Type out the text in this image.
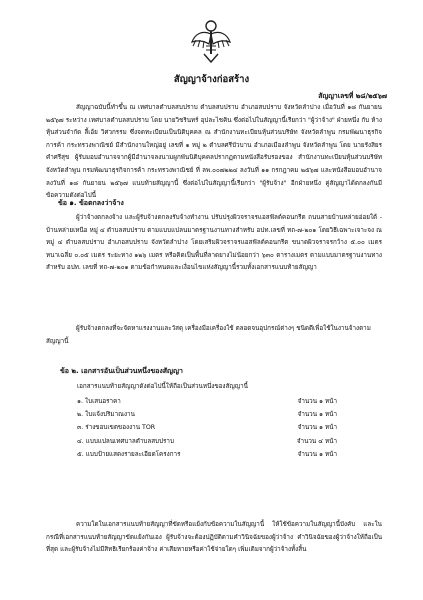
สัญญาจ้างก่อสร้าง
สัญญาเลขที่ ๒๘/๒๕๖๗
สัญญาฉบับนี้ทำขึ้น ณ เทศบาลตำบลสบปราบ ตำบลสบปราบ อำเภอสบปราบ จังหวัดลำปาง เมื่อวันที่ ๑๘ กันยายน ๒๕๖๗ ระหว่าง เทศบาลตำบลสบปราบ โดย นายวิชรินทร์ อุปละไชคิน ซึ่งต่อไปในสัญญานี้เรียกว่า "ผู้ว่าจ้าง" ฝ่ายหนึ่ง กับ ห้างหุ้นส่วนจำกัด ลี้เอ้ย วิศวกรรม ซึ่งจดทะเบียนเป็นนิติบุคคล ณ สำนักงานทะเบียนหุ้นส่วนบริษัท จังหวัดลำพูน กรมพัฒนาธุรกิจการค้า กระทรวงพาณิชย์ มีสำนักงานใหญ่อยู่ เลขที่ ๑ หมู่ ๒ ตำบลศรีบัวบาน อำเภอเมืองลำพูน จังหวัดลำพูน โดย นายรังสิยร คำศรีสุข ผู้รับมอบอำนาจจากผู้มีอำนาจลงนามผูกพันนิติบุคคลปรากฏตามหนังสือรับรองของ สำนักงานทะเบียนหุ้นส่วนบริษัท จังหวัดลำพูน กรมพัฒนาธุรกิจการค้า กระทรวงพาณิชย์ ที่ ลพ.๐๐๗๒๒๔ ลงวันที่ ๑๑ กรกฎาคม ๒๕๖๗ และหนังสือมอบอำนาจลงวันที่ ๑๘ กันยายน ๒๕๖๗ แนบท้ายสัญญานี้ ซึ่งต่อไปในสัญญานี้เรียกว่า "ผู้รับจ้าง" อีกฝ่ายหนึ่ง คู่สัญญาได้ตกลงกันมีข้อความดังต่อไปนี้
ข้อ ๑. ข้อตกลงว่าจ้าง
ผู้ว่าจ้างตกลงจ้าง และผู้รับจ้างตกลงรับจ้างทำงาน ปรับปรุงผิวจราจรแอสฟัลต์คอนกรีต ถนนสายบ้านหล่ายอ่อยใต้ - บ้านหล่ายเหนือ หมู่ ๔ ตำบลสบปราบ ตามแบบแปลนมาตรฐานงานทางสำหรับ อปท.เลขที่ ทถ-๗-๒๐๑ โดยวิธีเฉพาะเจาะจง ณ หมู่ ๔ ตำบลสบปราบ อำเภอสบปราบ จังหวัดลำปาง โดยเสริมผิวจราจรแอสฟัลต์คอนกรีต ขนาดผิวจราจรกว้าง ๕.๐๐ เมตร หนาเฉลี่ย ๐.๐๕ เมตร ระยะทาง ๑๒๖ เมตร หรือคิดเป็นพื้นที่ลาดยางไม่น้อยกว่า ๖๓๐ ตารางเมตร ตามแบบมาตรฐานงานทางสำหรับ อปท. เลขที่ ทถ-๗-๒๐๑ ตามข้อกำหนดและเงื่อนไขแห่งสัญญานี้รวมทั้งเอกสารแนบท้ายสัญญา
ผู้รับจ้างตกลงที่จะจัดหาแรงงานและวัสดุ เครื่องมือเครื่องใช้ ตลอดจนอุปกรณ์ต่างๆ ชนิดดีเพื่อใช้ในงานจ้างตามสัญญานี้
ข้อ ๒. เอกสารอันเป็นส่วนหนึ่งของสัญญา
เอกสารแนบท้ายสัญญาดังต่อไปนี้ให้ถือเป็นส่วนหนึ่งของสัญญานี้
๑. ใบเสนอราคา	จำนวน ๑ หน้า
๒. ใบแจ้งปริมาณงาน	จำนวน ๑ หน้า
๓. ร่างขอบเขตของงาน TOR	จำนวน ๑ หน้า
๔. แบบแปลนเทศบาลตำบลสบปราบ	จำนวน ๔ หน้า
๕. แบบป้ายแสดงรายละเอียดโครงการ	จำนวน ๑ หน้า
ความใดในเอกสารแนบท้ายสัญญาที่ขัดหรือแย้งกับข้อความในสัญญานี้ ให้ใช้ข้อความในสัญญานี้บังคับ และในกรณีที่เอกสารแนบท้ายสัญญาขัดแย้งกันเอง ผู้รับจ้างจะต้องปฏิบัติตามคำวินิจฉัยของผู้ว่าจ้าง คำวินิจฉัยของผู้ว่าจ้างให้ถือเป็นที่สุด และผู้รับจ้างไม่มีสิทธิเรียกร้องค่าจ้าง ค่าเสียหายหรือค่าใช้จ่ายใดๆ เพิ่มเติมจากผู้ว่าจ้างทั้งสิ้น
